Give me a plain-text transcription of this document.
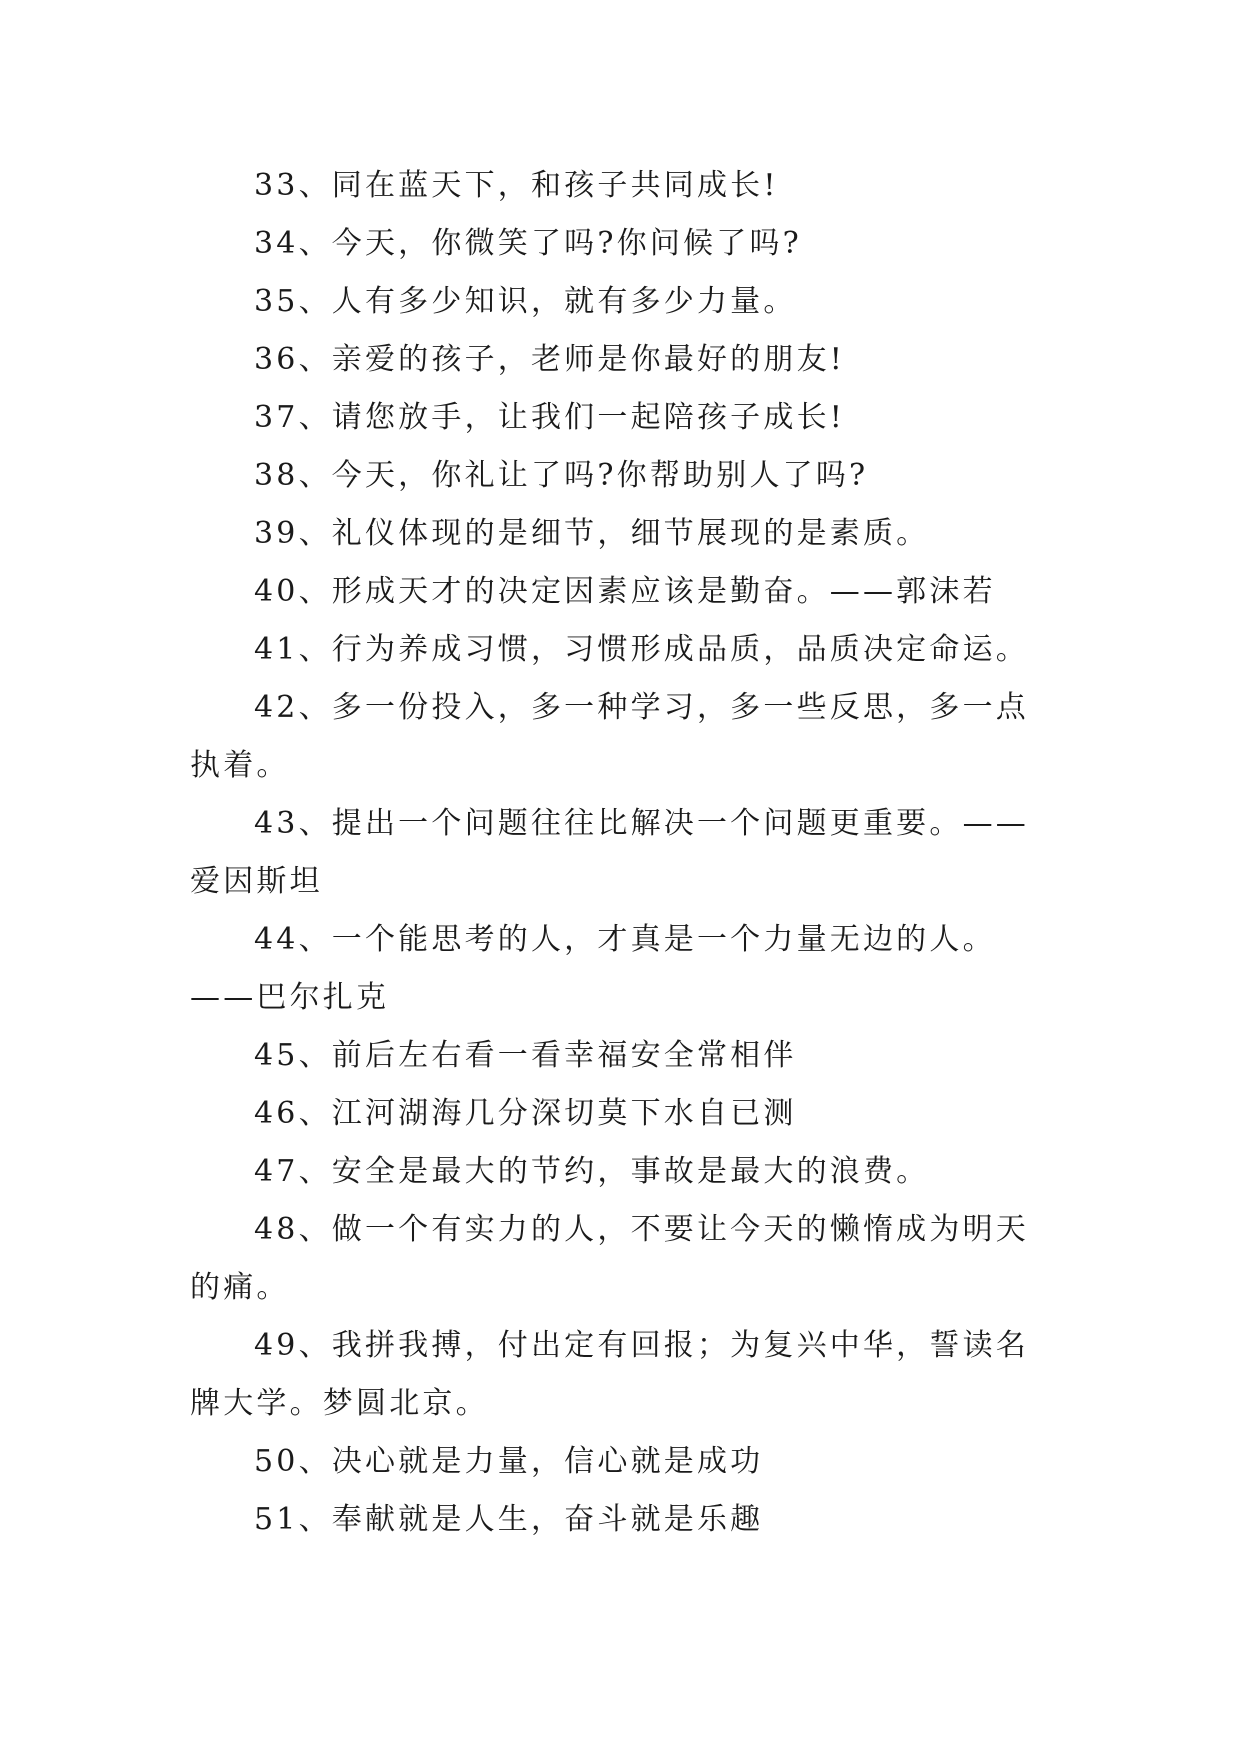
33、同在蓝天下，和孩子共同成长!

34、今天，你微笑了吗?你问候了吗?

35、人有多少知识，就有多少力量。

36、亲爱的孩子，老师是你最好的朋友!

37、请您放手，让我们一起陪孩子成长!

38、今天，你礼让了吗?你帮助别人了吗?

39、礼仪体现的是细节，细节展现的是素质。

40、形成天才的决定因素应该是勤奋。——郭沫若

41、行为养成习惯，习惯形成品质，品质决定命运。

42、多一份投入，多一种学习，多一些反思，多一点执着。

43、提出一个问题往往比解决一个问题更重要。——爱因斯坦

44、一个能思考的人，才真是一个力量无边的人。——巴尔扎克

45、前后左右看一看幸福安全常相伴

46、江河湖海几分深切莫下水自已测

47、安全是最大的节约，事故是最大的浪费。

48、做一个有实力的人，不要让今天的懒惰成为明天的痛。

49、我拼我搏，付出定有回报；为复兴中华，誓读名牌大学。梦圆北京。

50、决心就是力量，信心就是成功

51、奉献就是人生，奋斗就是乐趣
